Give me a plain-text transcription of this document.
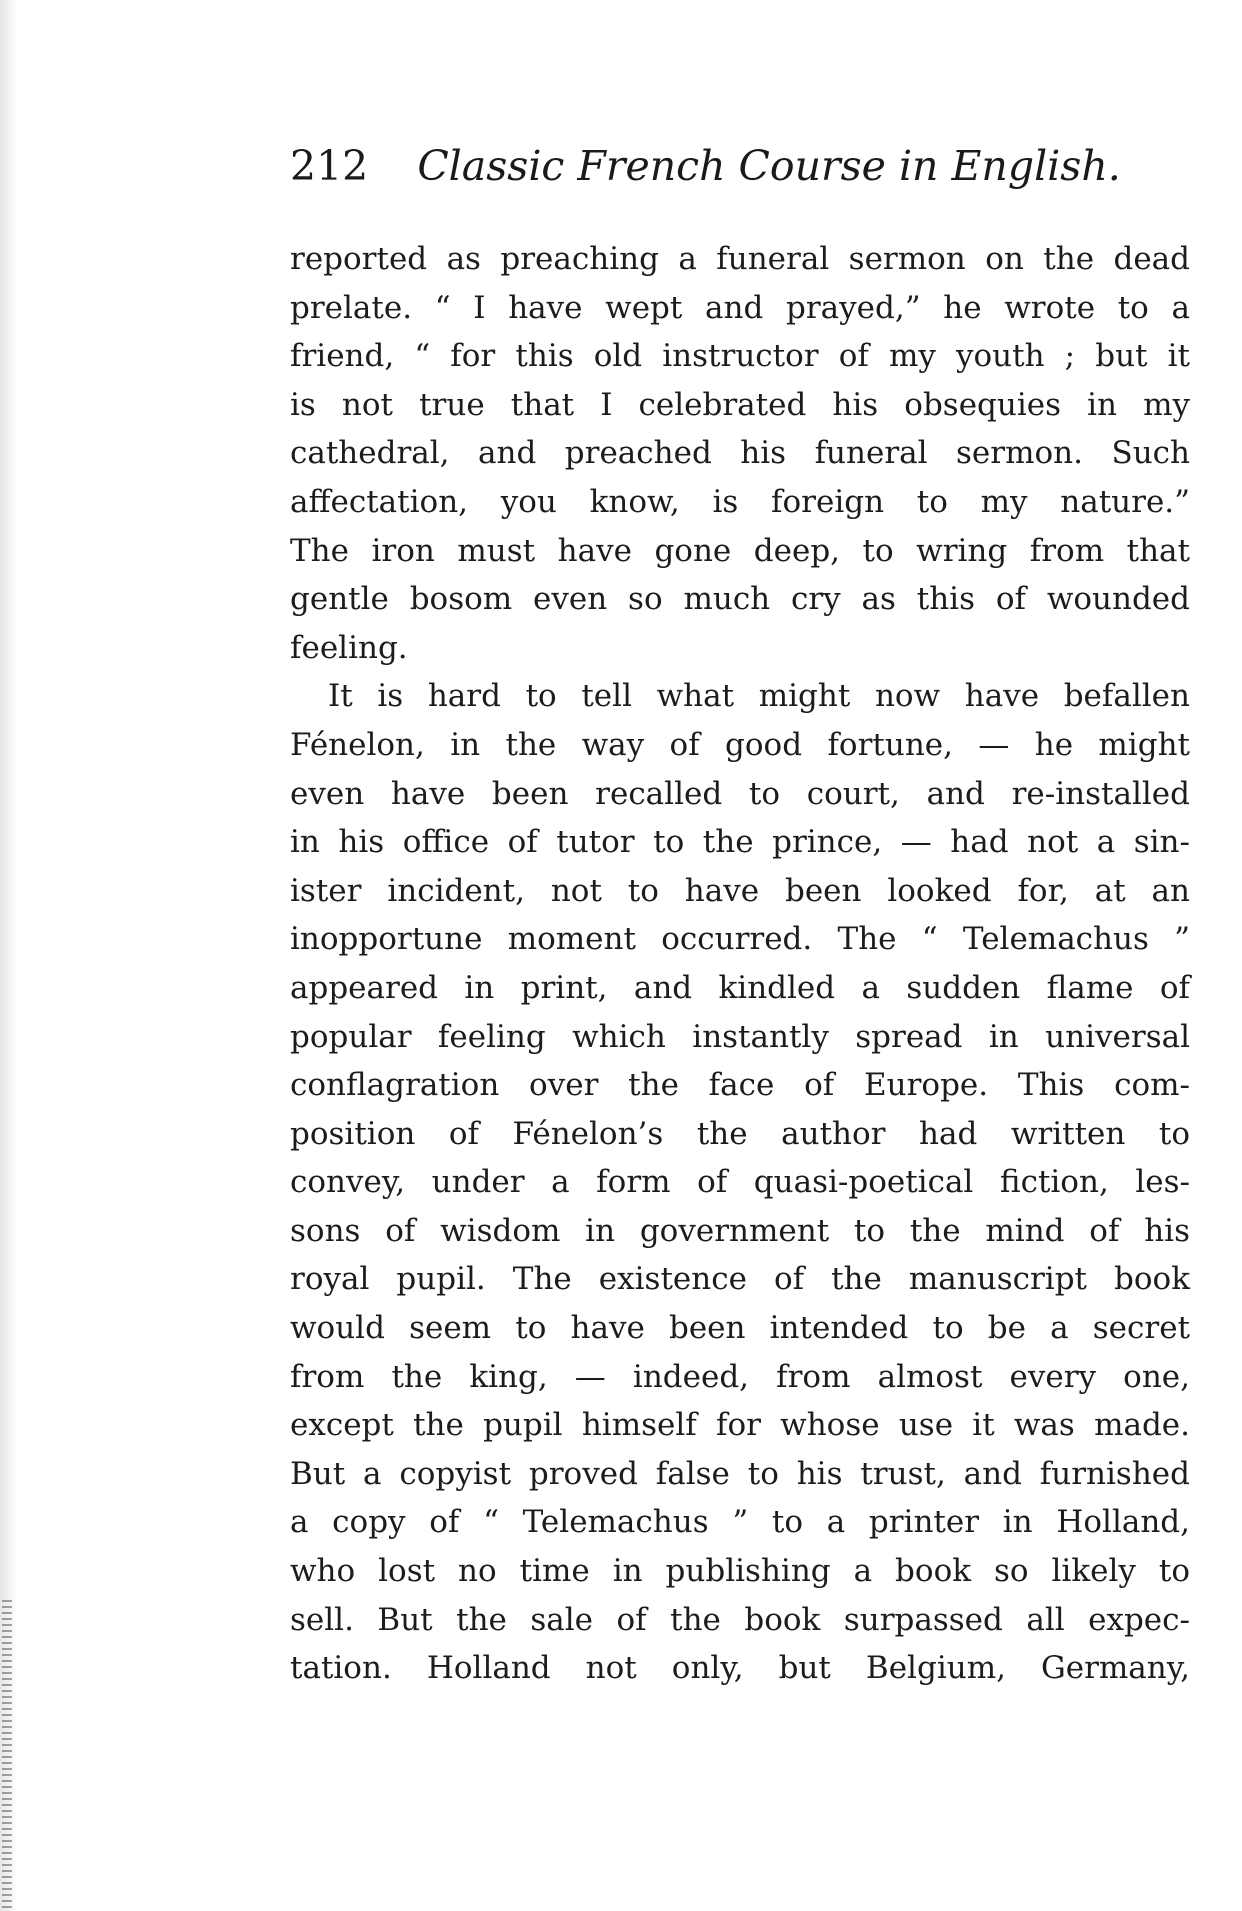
212 Classic French Course in English.
reported as preaching a funeral sermon on the dead
prelate. “ I have wept and prayed,” he wrote to a
friend, “ for this old instructor of my youth ; but it
is not true that I celebrated his obsequies in my
cathedral, and preached his funeral sermon. Such
affectation, you know, is foreign to my nature.”
The iron must have gone deep, to wring from that
gentle bosom even so much cry as this of wounded
feeling.
It is hard to tell what might now have befallen
Fénelon, in the way of good fortune, — he might
even have been recalled to court, and re-installed
in his office of tutor to the prince, — had not a sin-
ister incident, not to have been looked for, at an
inopportune moment occurred. The “ Telemachus ”
appeared in print, and kindled a sudden flame of
popular feeling which instantly spread in universal
conflagration over the face of Europe. This com-
position of Fénelon’s the author had written to
convey, under a form of quasi-poetical fiction, les-
sons of wisdom in government to the mind of his
royal pupil. The existence of the manuscript book
would seem to have been intended to be a secret
from the king, — indeed, from almost every one,
except the pupil himself for whose use it was made.
But a copyist proved false to his trust, and furnished
a copy of “ Telemachus ” to a printer in Holland,
who lost no time in publishing a book so likely to
sell. But the sale of the book surpassed all expec-
tation. Holland not only, but Belgium, Germany,
